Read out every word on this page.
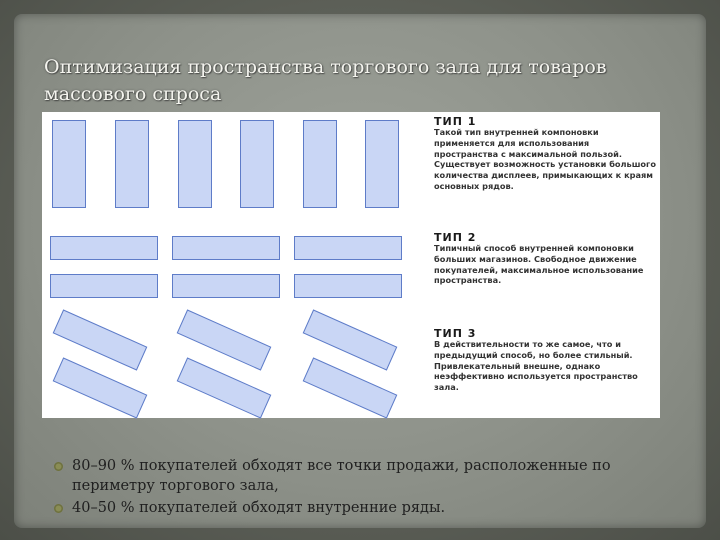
Оптимизация пространства торгового зала для товаров
массового спроса
ТИП 1

Такой тип внутренней компоновки применяется для использования пространства с максимальной пользой. Существует возможность установки большого количества дисплеев, примыкающих к краям основных рядов.

ТИП 2

Типичный способ внутренней компоновки больших магазинов. Свободное движение покупателей, максимальное использование пространства.

ТИП 3

В действительности то же самое, что и предыдущий способ, но более стильный. Привлекательный внешне, однако неэффективно используется пространство зала.

80–90 % покупателей обходят все точки продажи, расположенные по периметру торгового зала,
40–50 % покупателей обходят внутренние ряды.
